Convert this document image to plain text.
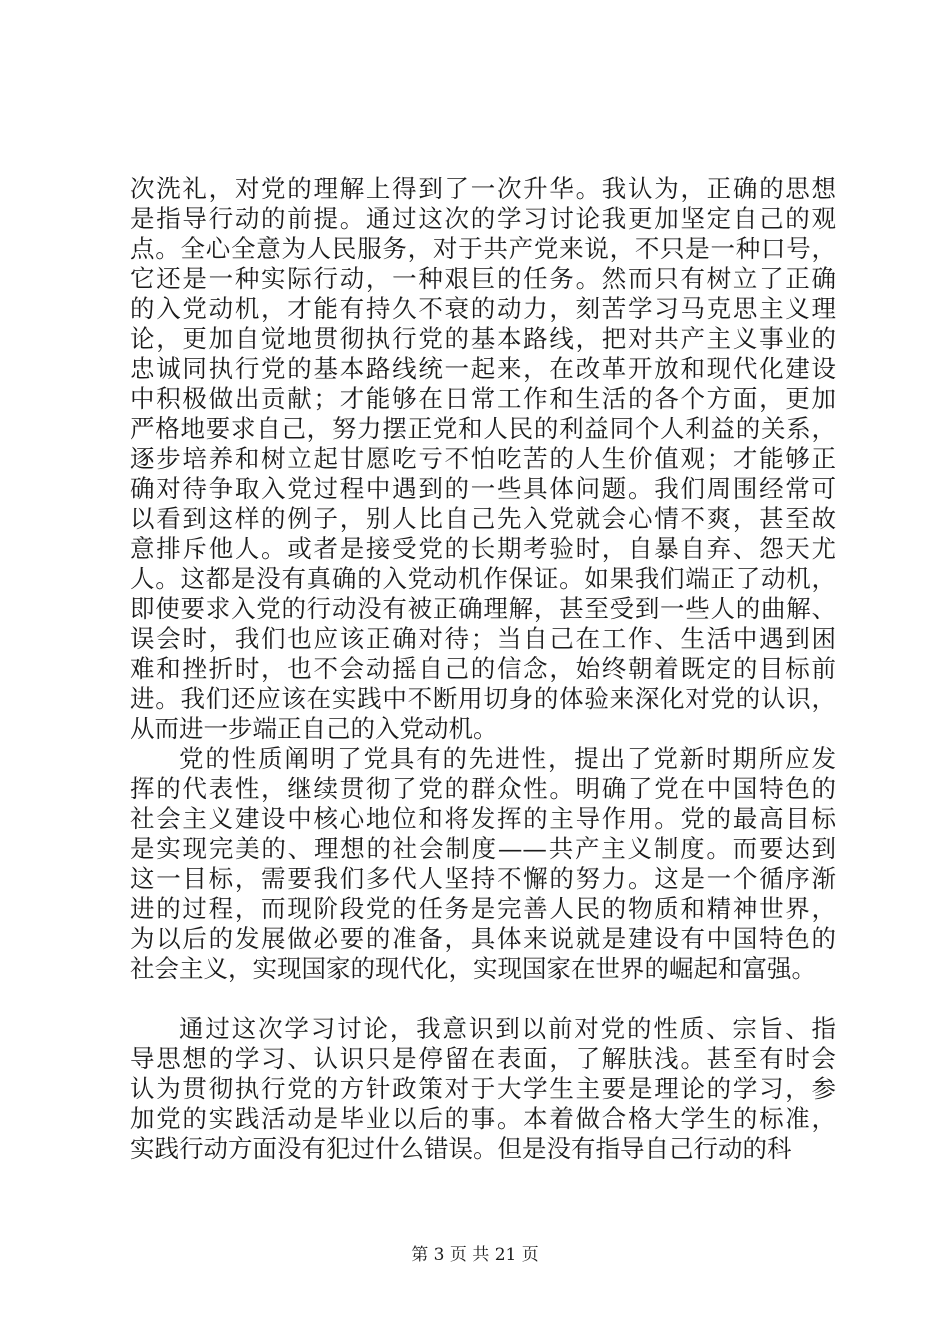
次洗礼，对党的理解上得到了一次升华。我认为，正确的思想
是指导行动的前提。通过这次的学习讨论我更加坚定自己的观
点。全心全意为人民服务，对于共产党来说，不只是一种口号，
它还是一种实际行动，一种艰巨的任务。然而只有树立了正确
的入党动机，才能有持久不衰的动力，刻苦学习马克思主义理
论，更加自觉地贯彻执行党的基本路线，把对共产主义事业的
忠诚同执行党的基本路线统一起来，在改革开放和现代化建设
中积极做出贡献；才能够在日常工作和生活的各个方面，更加
严格地要求自己，努力摆正党和人民的利益同个人利益的关系，
逐步培养和树立起甘愿吃亏不怕吃苦的人生价值观；才能够正
确对待争取入党过程中遇到的一些具体问题。我们周围经常可
以看到这样的例子，别人比自己先入党就会心情不爽，甚至故
意排斥他人。或者是接受党的长期考验时，自暴自弃、怨天尤
人。这都是没有真确的入党动机作保证。如果我们端正了动机，
即使要求入党的行动没有被正确理解，甚至受到一些人的曲解、
误会时，我们也应该正确对待；当自己在工作、生活中遇到困
难和挫折时，也不会动摇自己的信念，始终朝着既定的目标前
进。我们还应该在实践中不断用切身的体验来深化对党的认识，
从而进一步端正自己的入党动机。
党的性质阐明了党具有的先进性，提出了党新时期所应发
挥的代表性，继续贯彻了党的群众性。明确了党在中国特色的
社会主义建设中核心地位和将发挥的主导作用。党的最高目标
是实现完美的、理想的社会制度——共产主义制度。而要达到
这一目标，需要我们多代人坚持不懈的努力。这是一个循序渐
进的过程，而现阶段党的任务是完善人民的物质和精神世界，
为以后的发展做必要的准备，具体来说就是建设有中国特色的
社会主义，实现国家的现代化，实现国家在世界的崛起和富强。
通过这次学习讨论，我意识到以前对党的性质、宗旨、指
导思想的学习、认识只是停留在表面，了解肤浅。甚至有时会
认为贯彻执行党的方针政策对于大学生主要是理论的学习，参
加党的实践活动是毕业以后的事。本着做合格大学生的标准，
实践行动方面没有犯过什么错误。但是没有指导自己行动的科
第 3 页 共 21 页
